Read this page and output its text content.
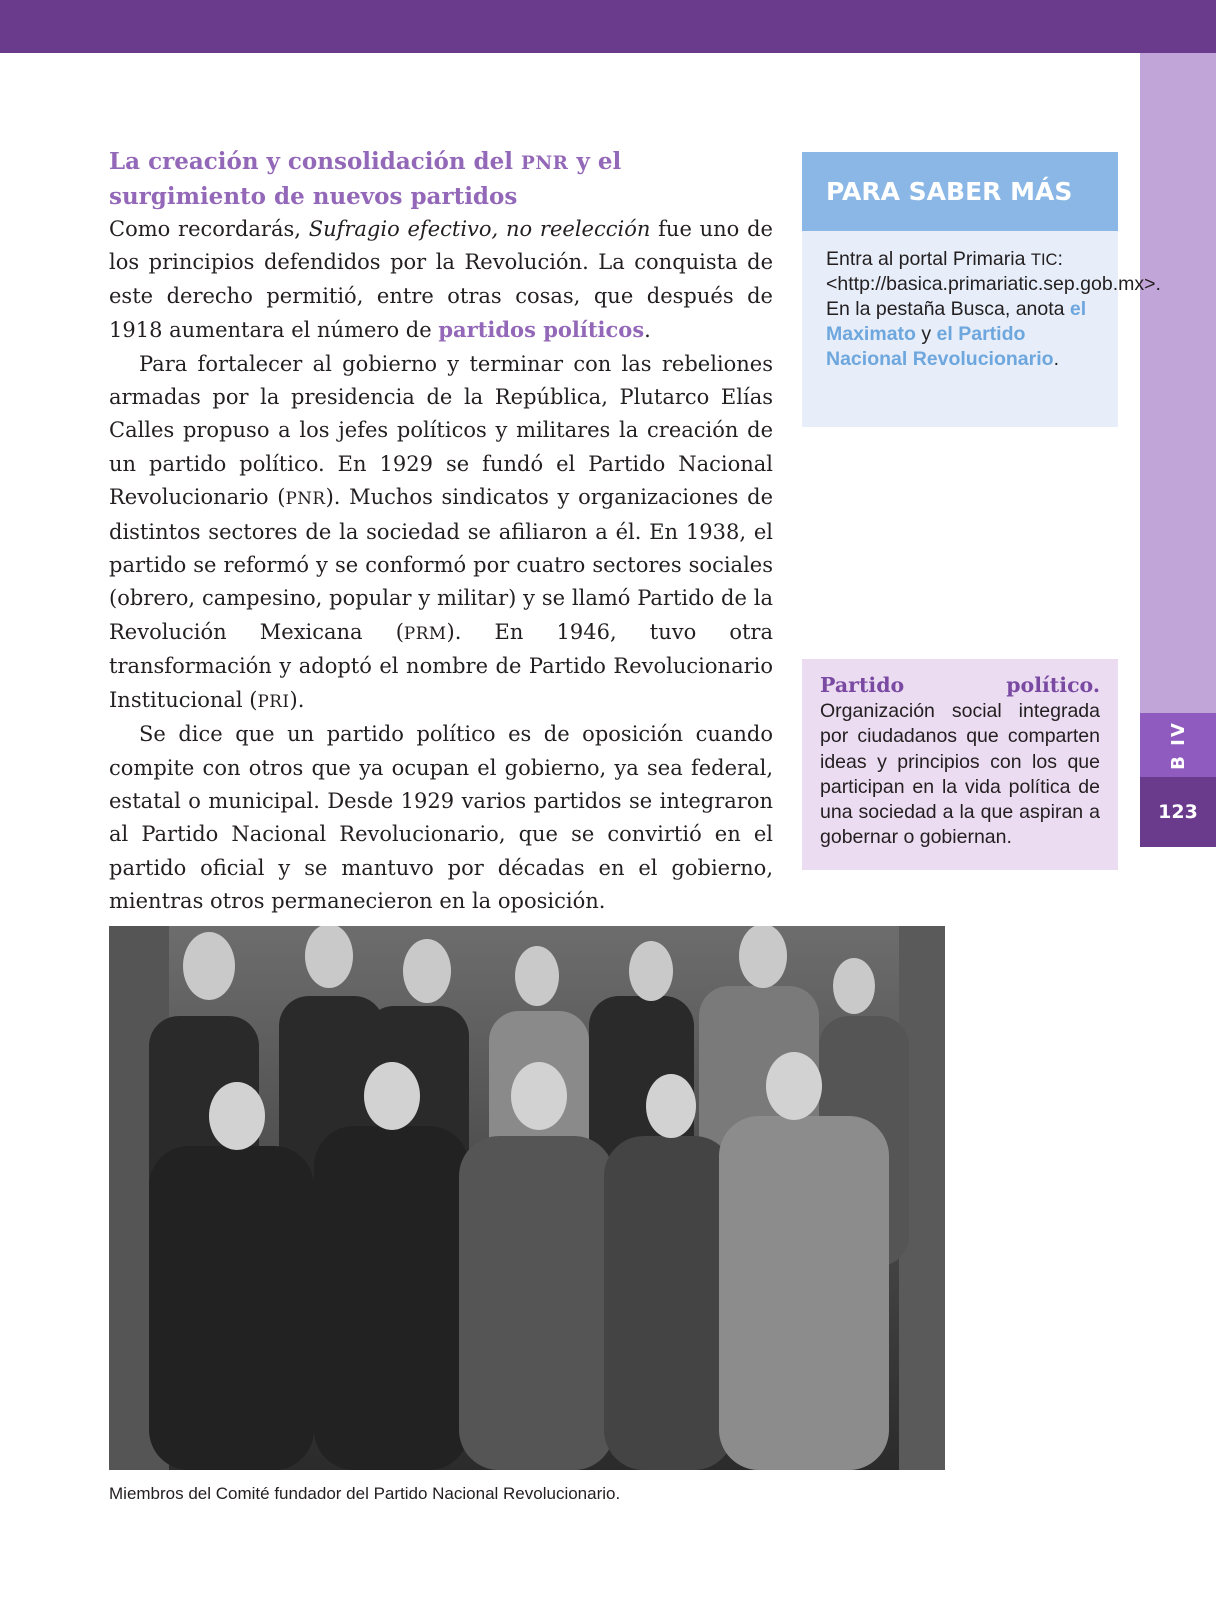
B IV
123
La creación y consolidación del PNR y el surgimiento de nuevos partidos

Como recordarás, Sufragio efectivo, no reelección fue uno de los principios defendidos por la Revolución. La conquista de este derecho permitió, entre otras cosas, que después de 1918 aumentara el número de partidos políticos.

Para fortalecer al gobierno y terminar con las rebeliones armadas por la presidencia de la República, Plutarco Elías Calles propuso a los jefes políticos y militares la creación de un partido político. En 1929 se fundó el Partido Nacional Revolucionario (PNR). Muchos sindicatos y organizaciones de distintos sectores de la sociedad se afiliaron a él. En 1938, el partido se reformó y se conformó por cuatro sectores sociales (obrero, campesino, popular y militar) y se llamó Partido de la Revolución Mexicana (PRM). En 1946, tuvo otra transformación y adoptó el nombre de Partido Revolucionario Institucional (PRI).

Se dice que un partido político es de oposición cuando compite con otros que ya ocupan el gobierno, ya sea federal, estatal o municipal. Desde 1929 varios partidos se integraron al Partido Nacional Revolucionario, que se convirtió en el partido oficial y se mantuvo por décadas en el gobierno, mientras otros permanecieron en la oposición.

PARA SABER MÁS
Entra al portal Primaria TIC: <http://basica.primariatic.sep.gob.mx>. En la pestaña Busca, anota el Maximato y el Partido Nacional Revolucionario.
Partido político. Organización social integrada por ciudadanos que comparten ideas y principios con los que participan en la vida política de una sociedad a la que aspiran a gobernar o gobiernan.
Miembros del Comité fundador del Partido Nacional Revolucionario.
